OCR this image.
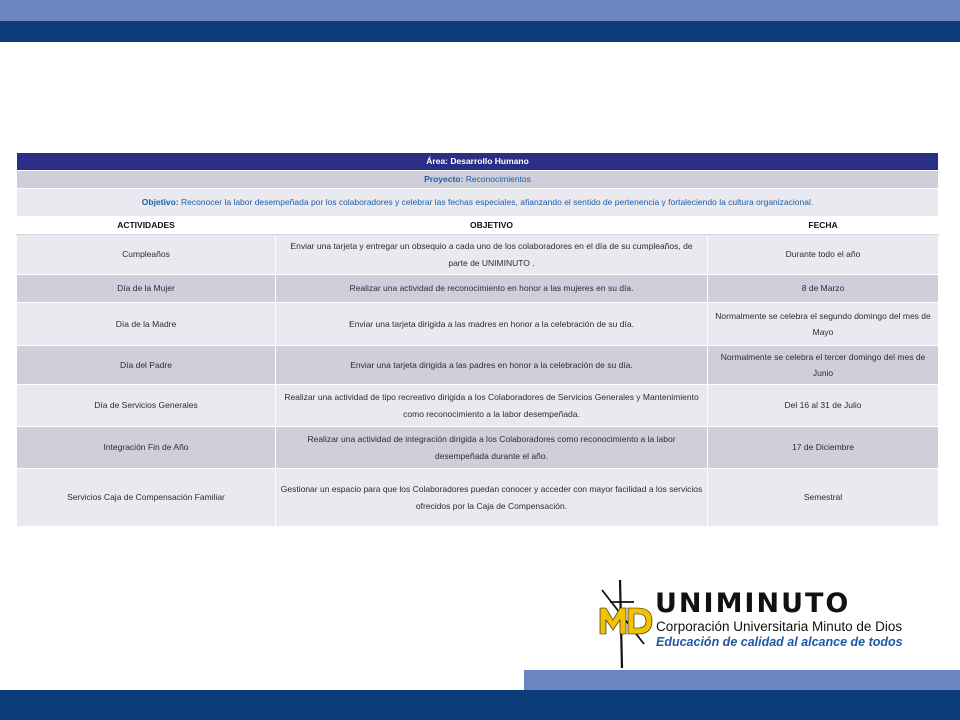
Área: Desarrollo Humano		
Proyecto: Reconocimientos		
Objetivo: Reconocer la labor desempeñada por los colaboradores y celebrar las fechas especiales, afianzando el sentido de pertenencia y fortaleciendo la cultura organizacional.		
ACTIVIDADES	OBJETIVO	FECHA
Cumpleaños	Enviar una tarjeta y entregar un obsequio a cada uno de los colaboradores en el día de su cumpleaños, de parte de UNIMINUTO .	Durante todo el año
Día de la Mujer	Realizar una actividad de reconocimiento en honor a las mujeres en su día.	8 de Marzo
Día de la Madre	Enviar una tarjeta dirigida a las madres en honor a la celebración de su día.	Normalmente se celebra el segundo domingo del mes de Mayo
Día del Padre	Enviar una tarjeta dirigida a las padres en honor a la celebración de su día.	Normalmente se celebra el tercer domingo del mes de Junio
Día de Servicios Generales	Realizar una actividad de tipo recreativo dirigida a los Colaboradores de Servicios Generales y Mantenimiento como reconocimiento a la labor desempeñada.	Del 16 al 31 de Julio
Integración Fin de Año	Realizar una actividad de integración dirigida a los Colaboradores como reconocimiento a la labor desempeñada durante el año.	17 de Diciembre
Servicios Caja de Compensación Familiar	Gestionar un espacio para que los Colaboradores puedan conocer y acceder con mayor facilidad a los servicios ofrecidos por la Caja de Compensación.	Semestral
UNIMINUTO
Corporación Universitaria Minuto de Dios
Educación de calidad al alcance de todos
